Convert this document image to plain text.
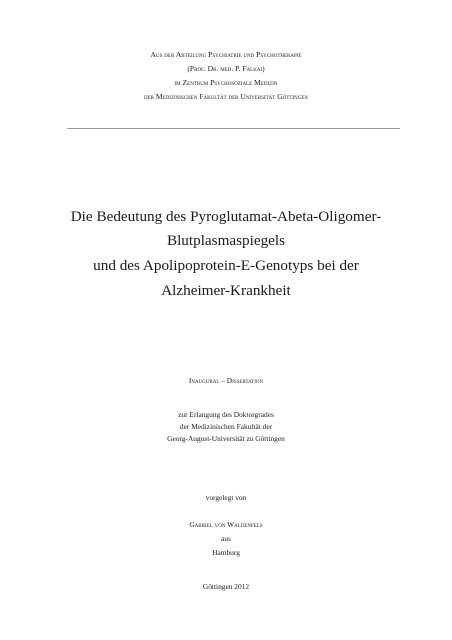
Aus der Abteilung Psychiatrie und Psychotherapie
(Prof. Dr. med. P. Falkai)
im Zentrum Psychosoziale Medizin
der Medizinischen Fakultät der Universität Göttingen
Die Bedeutung des Pyroglutamat-Abeta-Oligomer-
Blutplasmaspiegels
und des Apolipoprotein-E-Genotyps bei der
Alzheimer-Krankheit
Inaugural – Dissertation
zur Erlangung des Doktorgrades
der Medizinischen Fakultät der
Georg-August-Universität zu Göttingen
vorgelegt von
Gabriel von Waldenfels
aus
Hamburg
Göttingen 2012
